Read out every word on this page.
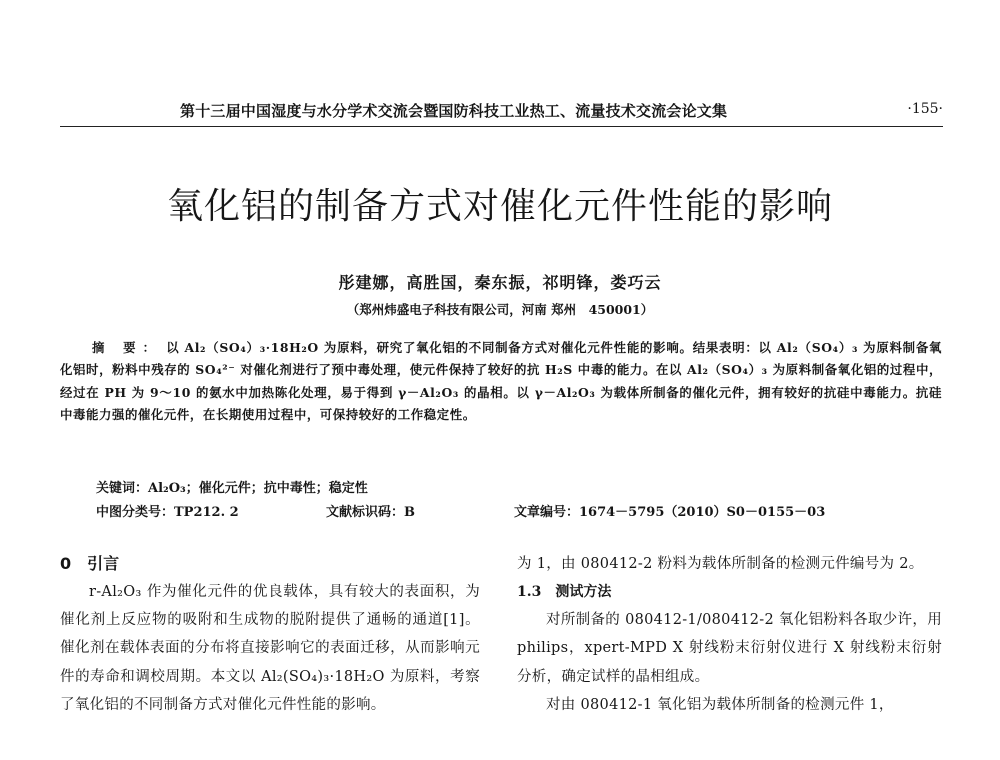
第十三届中国湿度与水分学术交流会暨国防科技工业热工、流量技术交流会论文集	·155·
氧化铝的制备方式对催化元件性能的影响
彤建娜，高胜国，秦东振，祁明锋，娄巧云
（郑州炜盛电子科技有限公司，河南 郑州　450001）

摘 要： 以 Al₂（SO₄）₃·18H₂O 为原料，研究了氧化铝的不同制备方式对催化元件性能的影响。结果表明：以 Al₂（SO₄）₃ 为原料制备氧化铝时，粉料中残存的 SO₄²⁻ 对催化剂进行了预中毒处理，使元件保持了较好的抗 H₂S 中毒的能力。在以 Al₂（SO₄）₃ 为原料制备氧化铝的过程中，经过在 PH 为 9～10 的氨水中加热陈化处理，易于得到 γ－Al₂O₃ 的晶相。以 γ－Al₂O₃ 为载体所制备的催化元件，拥有较好的抗硅中毒能力。抗硅中毒能力强的催化元件，在长期使用过程中，可保持较好的工作稳定性。

关键词：Al₂O₃；催化元件；抗中毒性；稳定性
中图分类号：TP212. 2	文献标识码：B	文章编号：1674－5795（2010）S0－0155－03

0　引言

r-Al₂O₃ 作为催化元件的优良载体，具有较大的表面积，为催化剂上反应物的吸附和生成物的脱附提供了通畅的通道[1]。催化剂在载体表面的分布将直接影响它的表面迁移，从而影响元件的寿命和调校周期。本文以 Al₂(SO₄)₃·18H₂O 为原料，考察了氧化铝的不同制备方式对催化元件性能的影响。

为 1，由 080412-2 粉料为载体所制备的检测元件编号为 2。

1.3　测试方法

对所制备的 080412-1/080412-2 氧化铝粉料各取少许，用 philips，xpert-MPD X 射线粉末衍射仪进行 X 射线粉末衍射分析，确定试样的晶相组成。

对由 080412-1 氧化铝为载体所制备的检测元件 1，
